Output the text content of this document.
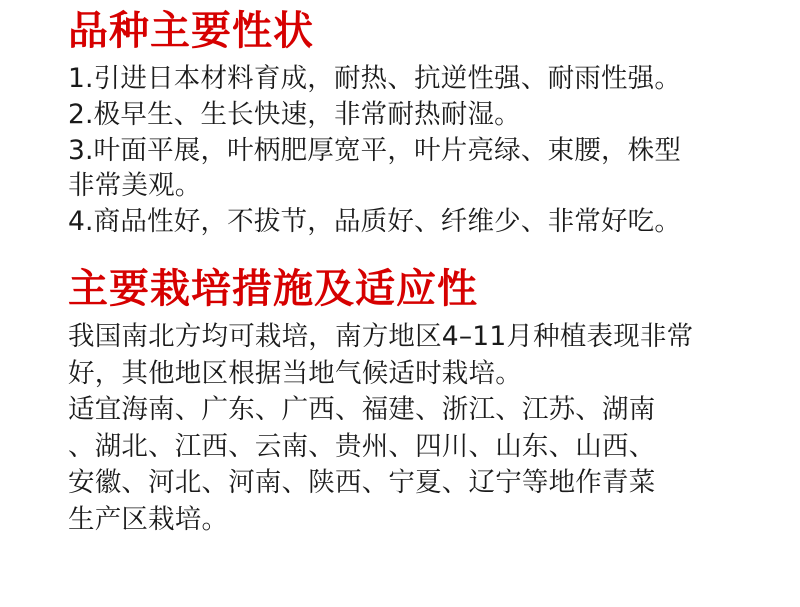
品种主要性状
1.引进日本材料育成，耐热、抗逆性强、耐雨性强。
2.极早生、生长快速，非常耐热耐湿。
3.叶面平展，叶柄肥厚宽平，叶片亮绿、束腰，株型
非常美观。
4.商品性好，不拔节，品质好、纤维少、非常好吃。
主要栽培措施及适应性

我国南北方均可栽培，南方地区4–11月种植表现非常

好，其他地区根据当地气候适时栽培。

适宜海南、广东、广西、福建、浙江、江苏、湖南

、湖北、江西、云南、贵州、四川、山东、山西、

安徽、河北、河南、陕西、宁夏、辽宁等地作青菜

生产区栽培。
